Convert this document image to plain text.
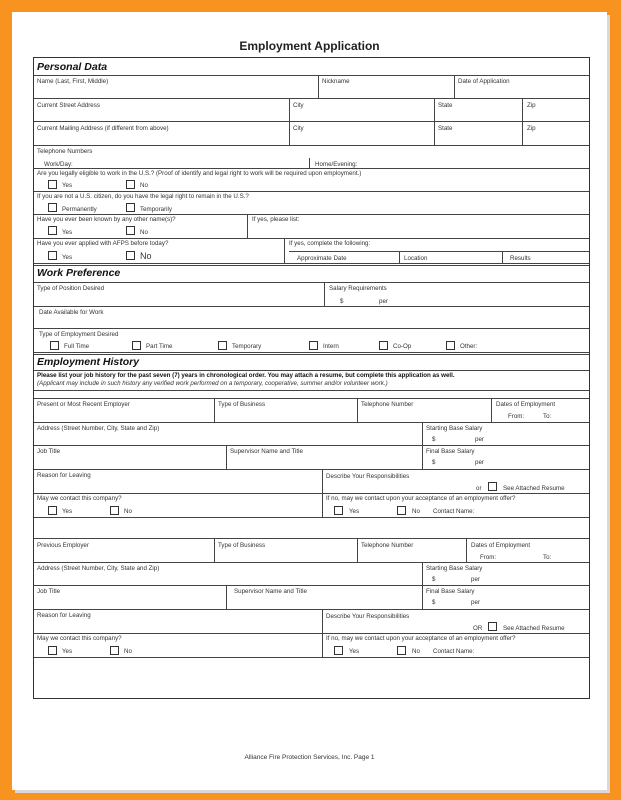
Employment Application
Personal Data
Name (Last, First, Middle)	Nickname	Date of Application
Current Street Address	City	State	Zip
Current Mailing Address (if different from above)	City	State	Zip
Telephone Numbers
Work/Day:	Home/Evening:
Are you legally eligible to work in the U.S.? (Proof of identify and legal right to work will be required upon employment.)
Yes	No
If you are not a U.S. citizen, do you have the legal right to remain in the U.S.?
Permanently	Temporarily
Have you ever been known by any other name(s)?	If yes, please list:
Yes	No
Have you ever applied with AFPS before today?	If yes, complete the following:
Yes	No	Approximate Date	Location	Results
Work Preference
Type of Position Desired	Salary Requirements
$	per
Date Available for Work
Type of Employment Desired
Full Time	Part Time	Temporary	Intern	Co-Op	Other:
Employment History
Please list your job history for the past seven (7) years in chronological order. You may attach a resume, but complete this application as well.
(Applicant may include in such history any verified work performed on a temporary, cooperative, summer and/or volunteer work.)
Present or Most Recent Employer	Type of Business	Telephone Number	Dates of Employment
From:	To:
Address (Street Number, City, State and Zip)	Starting Base Salary
$	per
Job Title	Supervisor Name and Title	Final Base Salary
$	per
Reason for Leaving	Describe Your Responsibilities
or	See Attached Resume
May we contact this company?	If no, may we contact upon your acceptance of an employment offer?
Yes	No	Yes	No Contact Name:
Previous Employer	Type of Business	Telephone Number	Dates of Employment
From:	To:
Address (Street Number, City, State and Zip)	Starting Base Salary
$	per
Job Title	Supervisor Name and Title	Final Base Salary
$	per
Reason for Leaving	Describe Your Responsibilities
OR	See Attached Resume
May we contact this company?	If no, may we contact upon your acceptance of an employment offer?
Yes	No	Yes	No Contact Name:
Alliance Fire Protection Services, Inc. Page 1
